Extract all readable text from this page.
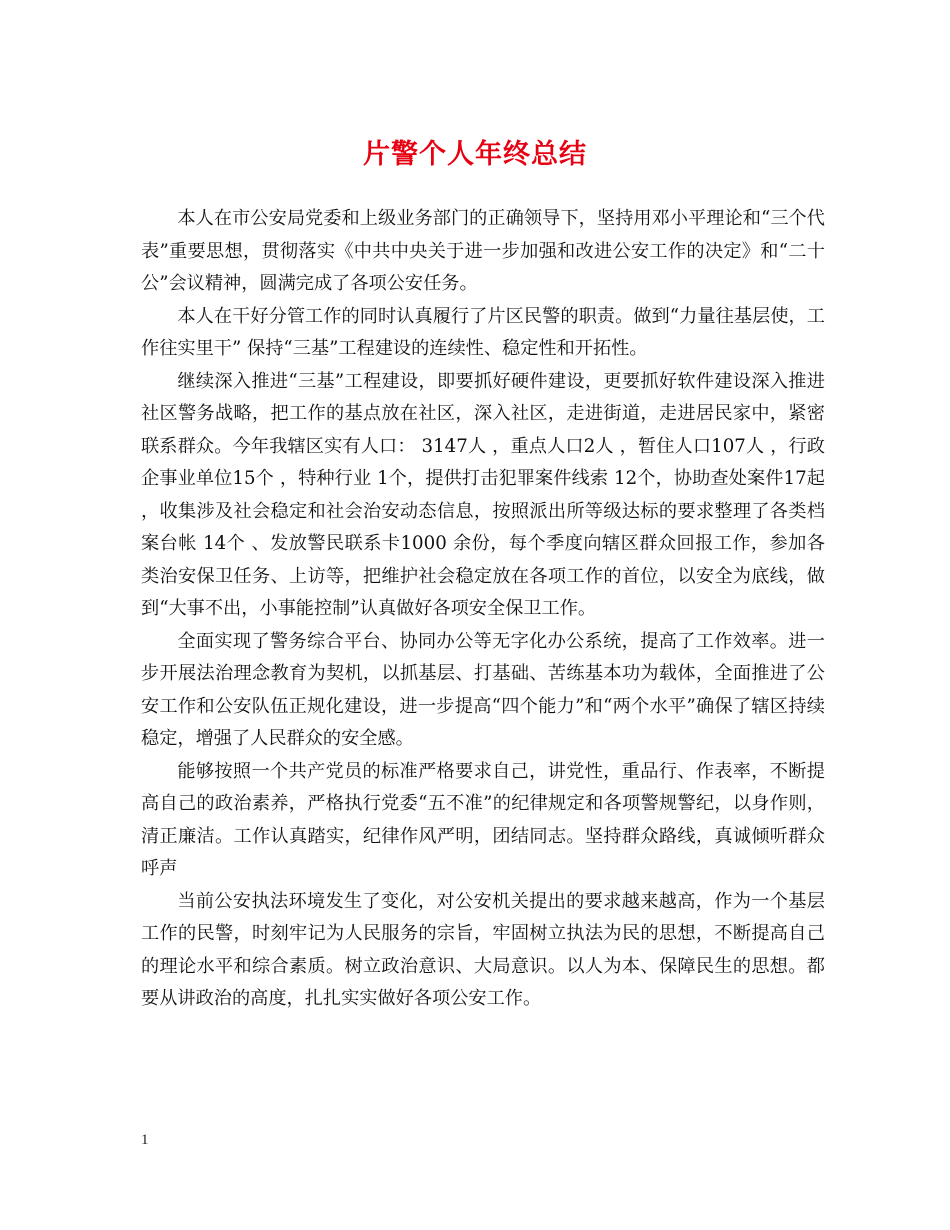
片警个人年终总结

本人在市公安局党委和上级业务部门的正确领导下，坚持用邓小平理论和“三个代表”重要思想，贯彻落实《中共中央关于进一步加强和改进公安工作的决定》和“二十公”会议精神，圆满完成了各项公安任务。

本人在干好分管工作的同时认真履行了片区民警的职责。做到“力量往基层使，工作往实里干” 保持“三基”工程建设的连续性、稳定性和开拓性。

继续深入推进“三基”工程建设，即要抓好硬件建设，更要抓好软件建设深入推进社区警务战略，把工作的基点放在社区，深入社区，走进街道，走进居民家中，紧密联系群众。今年我辖区实有人口： 3147人 ，重点人口2人 ，暂住人口107人 ，行政企事业单位15个 ，特种行业 1个，提供打击犯罪案件线索 12个，协助查处案件17起 ，收集涉及社会稳定和社会治安动态信息，按照派出所等级达标的要求整理了各类档案台帐 14个 、发放警民联系卡1000 余份，每个季度向辖区群众回报工作，参加各类治安保卫任务、上访等，把维护社会稳定放在各项工作的首位，以安全为底线，做到“大事不出，小事能控制”认真做好各项安全保卫工作。

全面实现了警务综合平台、协同办公等无字化办公系统，提高了工作效率。进一步开展法治理念教育为契机，以抓基层、打基础、苦练基本功为载体，全面推进了公安工作和公安队伍正规化建设，进一步提高“四个能力”和“两个水平”确保了辖区持续稳定，增强了人民群众的安全感。

能够按照一个共产党员的标准严格要求自己，讲党性，重品行、作表率，不断提高自己的政治素养，严格执行党委“五不准”的纪律规定和各项警规警纪，以身作则，清正廉洁。工作认真踏实，纪律作风严明，团结同志。坚持群众路线，真诚倾听群众呼声

当前公安执法环境发生了变化，对公安机关提出的要求越来越高，作为一个基层工作的民警，时刻牢记为人民服务的宗旨，牢固树立执法为民的思想，不断提高自己的理论水平和综合素质。树立政治意识、大局意识。以人为本、保障民生的思想。都要从讲政治的高度，扎扎实实做好各项公安工作。

1
